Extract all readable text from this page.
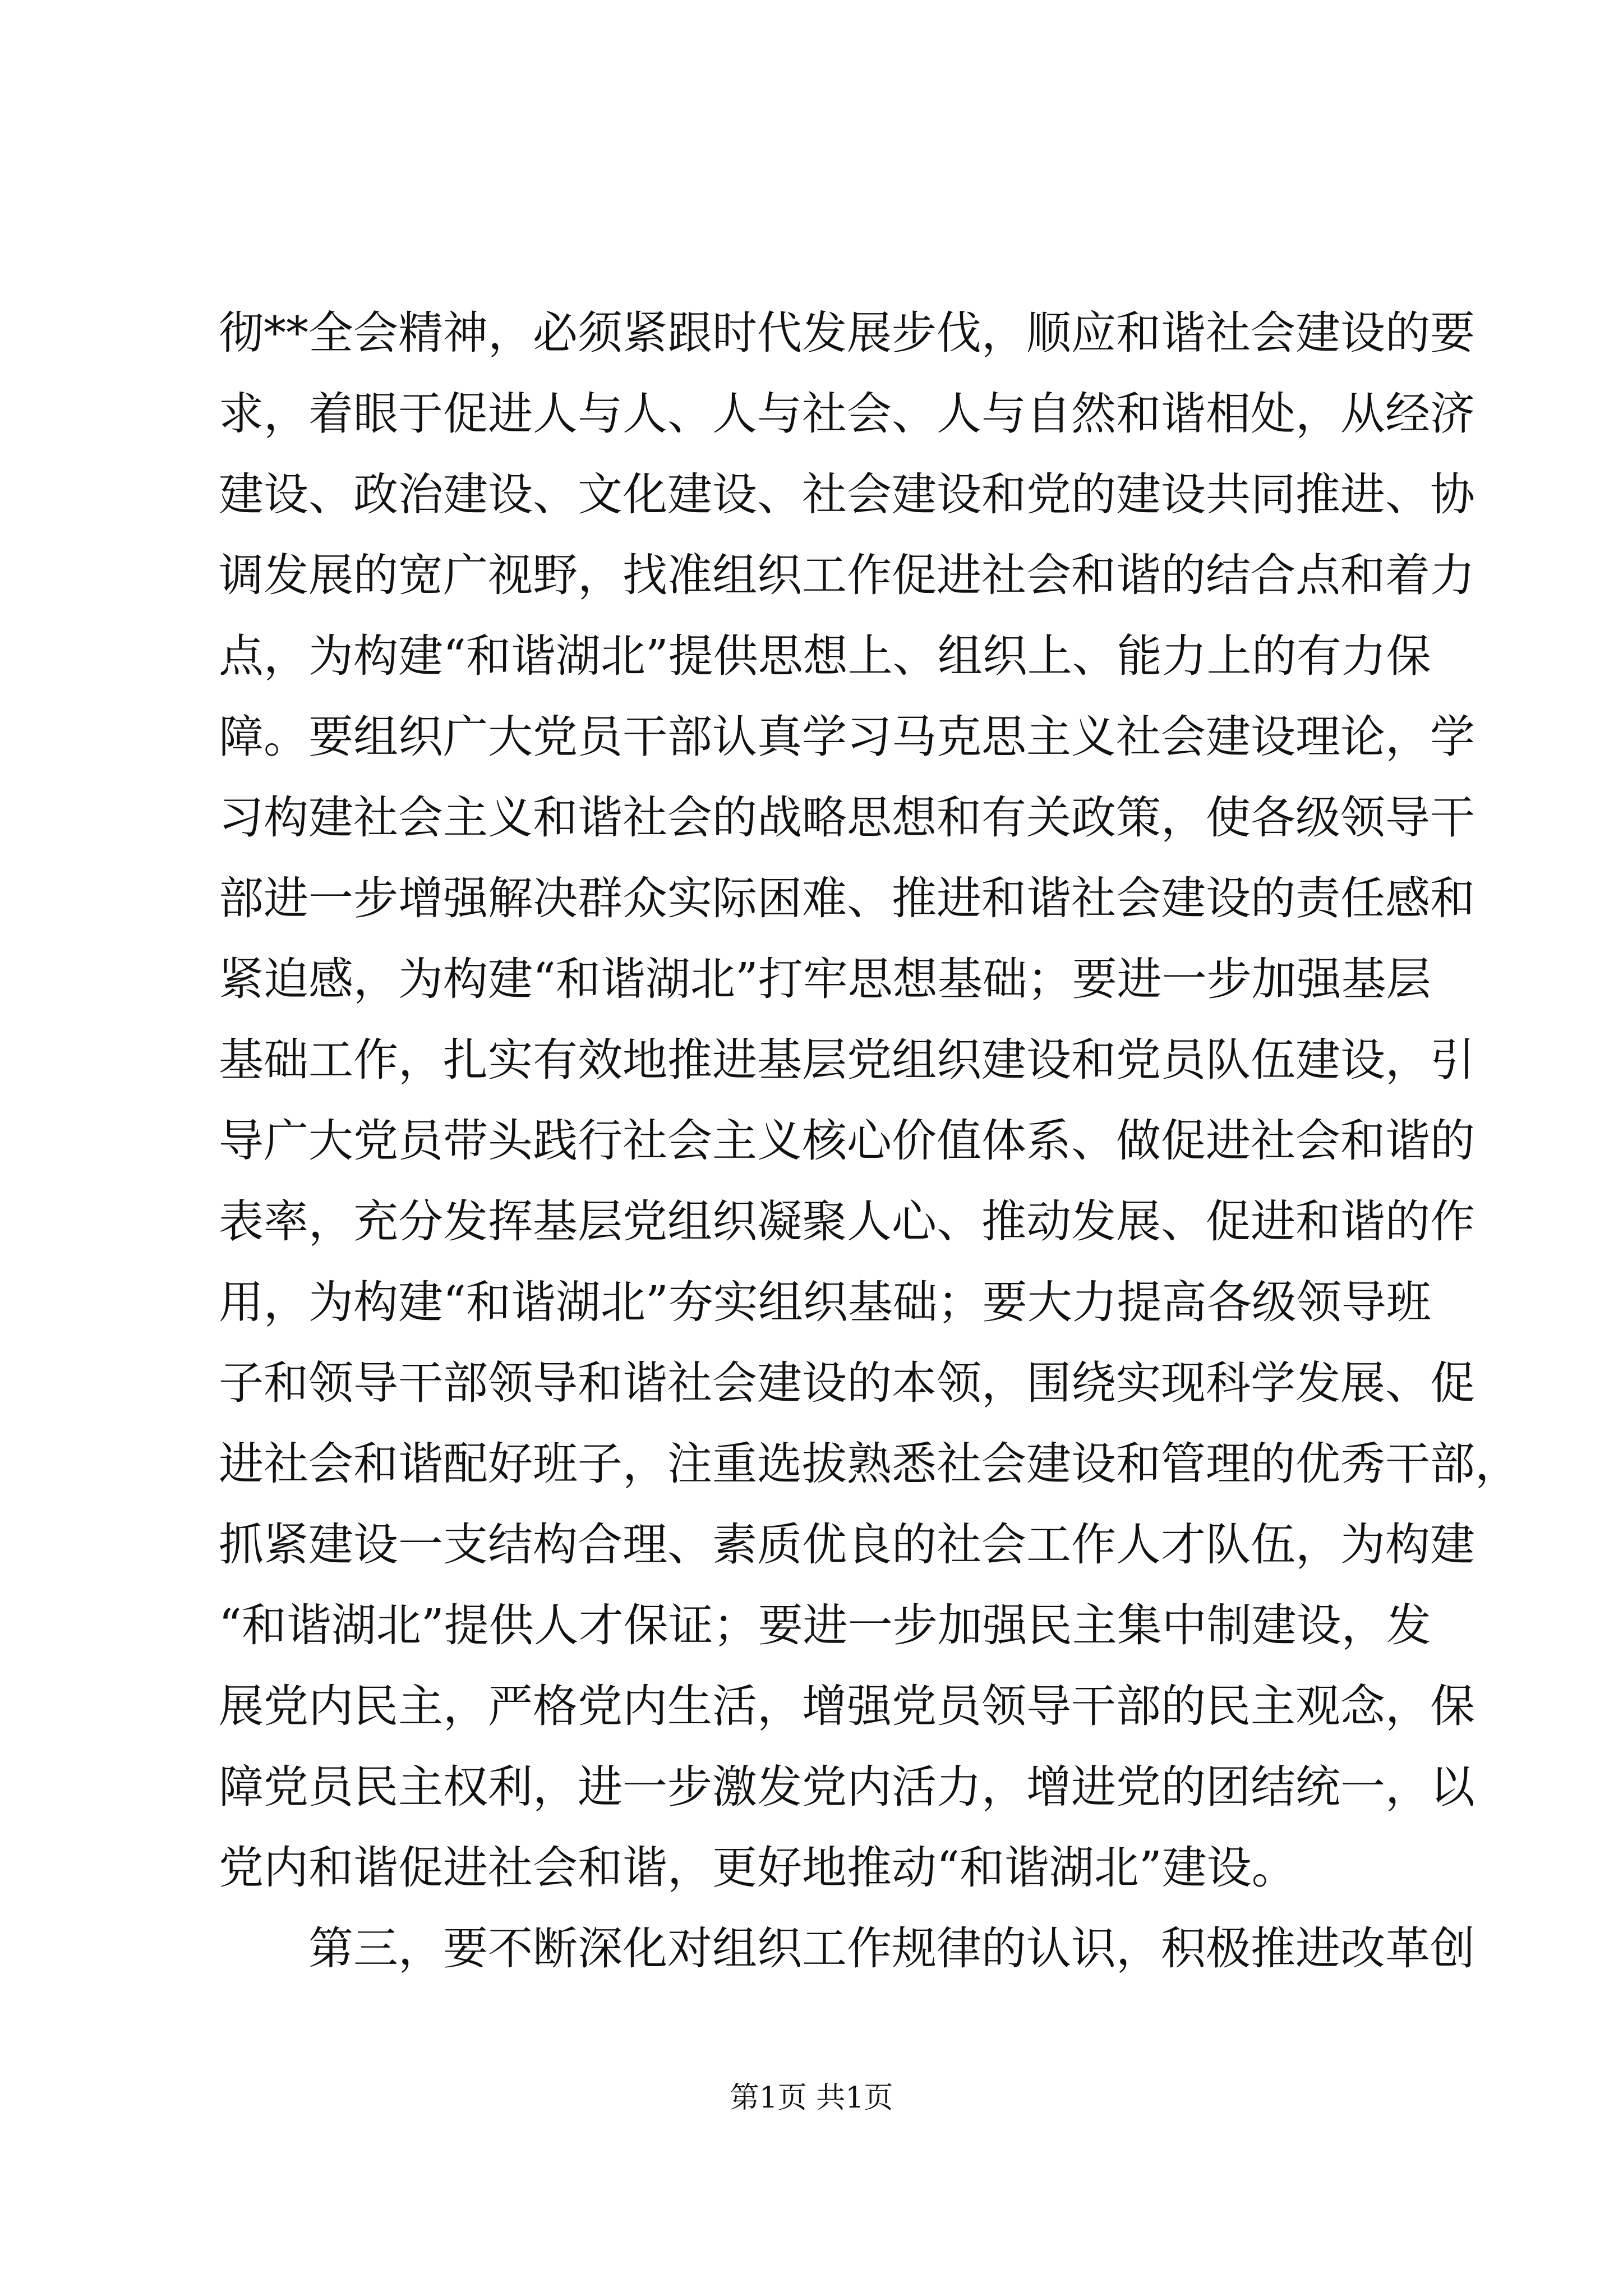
彻**全会精神，必须紧跟时代发展步伐，顺应和谐社会建设的要
求，着眼于促进人与人、人与社会、人与自然和谐相处，从经济
建设、政治建设、文化建设、社会建设和党的建设共同推进、协
调发展的宽广视野，找准组织工作促进社会和谐的结合点和着力
点，为构建“和谐湖北”提供思想上、组织上、能力上的有力保
障。要组织广大党员干部认真学习马克思主义社会建设理论，学
习构建社会主义和谐社会的战略思想和有关政策，使各级领导干
部进一步增强解决群众实际困难、推进和谐社会建设的责任感和
紧迫感，为构建“和谐湖北”打牢思想基础；要进一步加强基层
基础工作，扎实有效地推进基层党组织建设和党员队伍建设，引
导广大党员带头践行社会主义核心价值体系、做促进社会和谐的
表率，充分发挥基层党组织凝聚人心、推动发展、促进和谐的作
用，为构建“和谐湖北”夯实组织基础；要大力提高各级领导班
子和领导干部领导和谐社会建设的本领，围绕实现科学发展、促
进社会和谐配好班子，注重选拔熟悉社会建设和管理的优秀干部，
抓紧建设一支结构合理、素质优良的社会工作人才队伍，为构建
“和谐湖北”提供人才保证；要进一步加强民主集中制建设，发
展党内民主，严格党内生活，增强党员领导干部的民主观念，保
障党员民主权利，进一步激发党内活力，增进党的团结统一，以
党内和谐促进社会和谐，更好地推动“和谐湖北”建设。
第三，要不断深化对组织工作规律的认识，积极推进改革创
第1页 共1页
